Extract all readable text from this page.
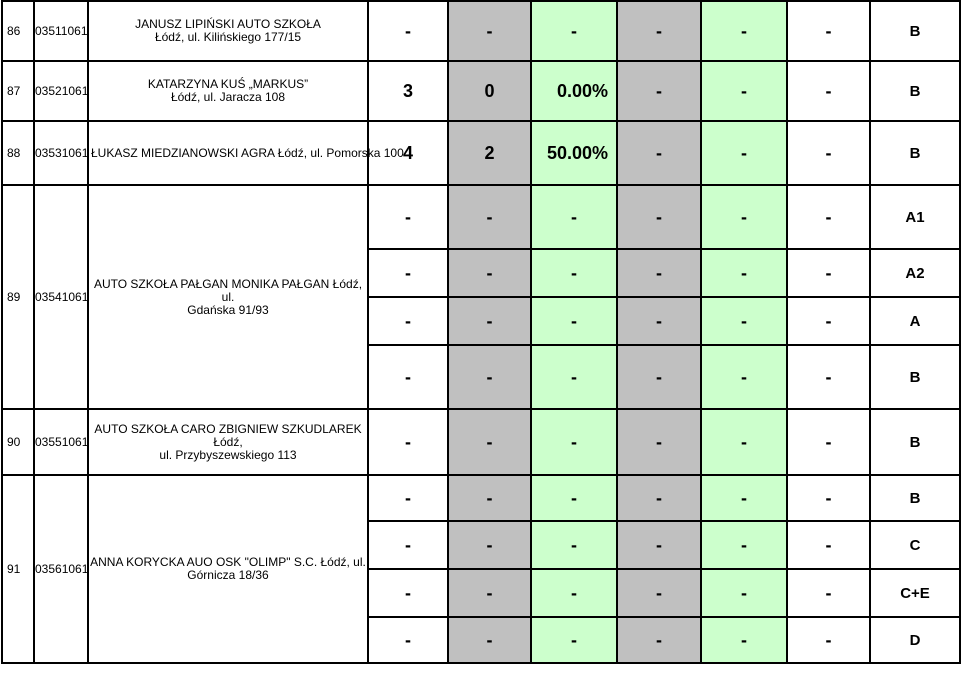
86	03511061	JANUSZ LIPIŃSKI AUTO SZKOŁA
Łódź, ul. Kilińskiego 177/15	-	-	-	-	-	-	B
87	03521061	KATARZYNA KUŚ „MARKUS”
Łódź, ul. Jaracza 108	3	0	0.00%	-	-	-	B
88	03531061	ŁUKASZ MIEDZIANOWSKI AGRA Łódź, ul. Pomorska 100	4	2	50.00%	-	-	-	B
89	03541061	AUTO SZKOŁA PAŁGAN MONIKA PAŁGAN Łódź, ul.
Gdańska 91/93	-	-	-	-	-	-	A1
			-	-	-	-	-	-	A2
			-	-	-	-	-	-	A
			-	-	-	-	-	-	B
90	03551061	AUTO SZKOŁA CARO ZBIGNIEW SZKUDLAREK Łódź,
ul. Przybyszewskiego 113	-	-	-	-	-	-	B
91	03561061	ANNA KORYCKA AUO OSK "OLIMP" S.C. Łódź, ul.
Górnicza 18/36	-	-	-	-	-	-	B
			-	-	-	-	-	-	C
			-	-	-	-	-	-	C+E
			-	-	-	-	-	-	D
